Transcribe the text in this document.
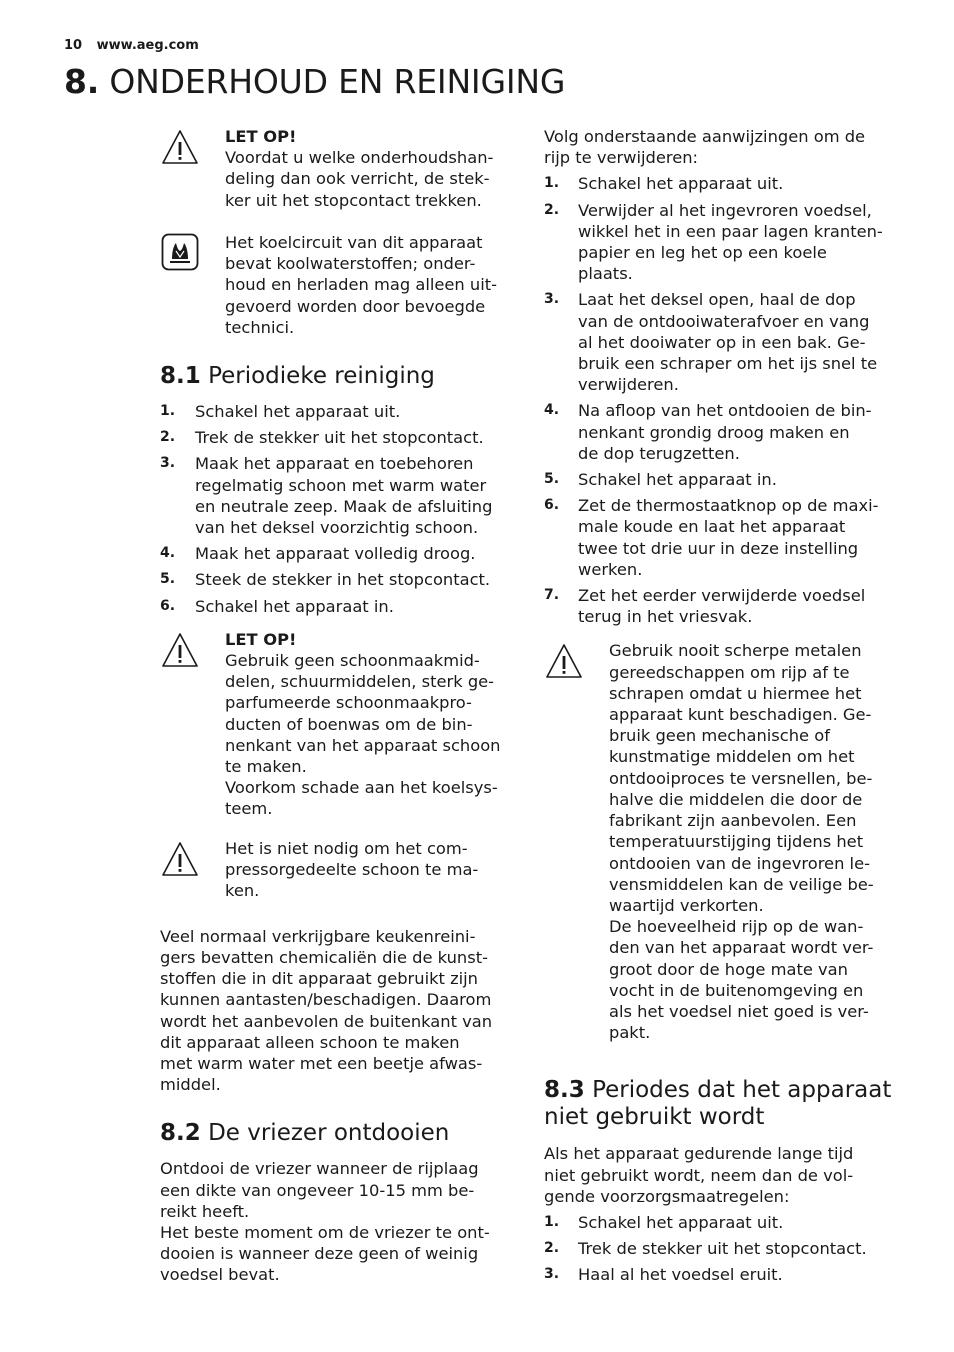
10 www.aeg.com
8. ONDERHOUD EN REINIGING
LET OP!
Voordat u welke onderhoudshan-
deling dan ook verricht, de stek-
ker uit het stopcontact trekken.
Het koelcircuit van dit apparaat
bevat koolwaterstoffen; onder-
houd en herladen mag alleen uit-
gevoerd worden door bevoegde
technici.
8.1 Periodieke reiniging
1. Schakel het apparaat uit.
2. Trek de stekker uit het stopcontact.
3. Maak het apparaat en toebehoren
regelmatig schoon met warm water
en neutrale zeep. Maak de afsluiting
van het deksel voorzichtig schoon.
4. Maak het apparaat volledig droog.
5. Steek de stekker in het stopcontact.
6. Schakel het apparaat in.
LET OP!
Gebruik geen schoonmaakmid-
delen, schuurmiddelen, sterk ge-
parfumeerde schoonmaakpro-
ducten of boenwas om de bin-
nenkant van het apparaat schoon
te maken.
Voorkom schade aan het koelsys-
teem.
Het is niet nodig om het com-
pressorgedeelte schoon te ma-
ken.
Veel normaal verkrijgbare keukenreini-
gers bevatten chemicaliën die de kunst-
stoffen die in dit apparaat gebruikt zijn
kunnen aantasten/beschadigen. Daarom
wordt het aanbevolen de buitenkant van
dit apparaat alleen schoon te maken
met warm water met een beetje afwas-
middel.
8.2 De vriezer ontdooien
Ontdooi de vriezer wanneer de rijplaag
een dikte van ongeveer 10-15 mm be-
reikt heeft.
Het beste moment om de vriezer te ont-
dooien is wanneer deze geen of weinig
voedsel bevat.
Volg onderstaande aanwijzingen om de
rijp te verwijderen:
1. Schakel het apparaat uit.
2. Verwijder al het ingevroren voedsel,
wikkel het in een paar lagen kranten-
papier en leg het op een koele
plaats.
3. Laat het deksel open, haal de dop
van de ontdooiwaterafvoer en vang
al het dooiwater op in een bak. Ge-
bruik een schraper om het ijs snel te
verwijderen.
4. Na afloop van het ontdooien de bin-
nenkant grondig droog maken en
de dop terugzetten.
5. Schakel het apparaat in.
6. Zet de thermostaatknop op de maxi-
male koude en laat het apparaat
twee tot drie uur in deze instelling
werken.
7. Zet het eerder verwijderde voedsel
terug in het vriesvak.
Gebruik nooit scherpe metalen
gereedschappen om rijp af te
schrapen omdat u hiermee het
apparaat kunt beschadigen. Ge-
bruik geen mechanische of
kunstmatige middelen om het
ontdooiproces te versnellen, be-
halve die middelen die door de
fabrikant zijn aanbevolen. Een
temperatuurstijging tijdens het
ontdooien van de ingevroren le-
vensmiddelen kan de veilige be-
waartijd verkorten.
De hoeveelheid rijp op de wan-
den van het apparaat wordt ver-
groot door de hoge mate van
vocht in de buitenomgeving en
als het voedsel niet goed is ver-
pakt.
8.3 Periodes dat het apparaat
niet gebruikt wordt
Als het apparaat gedurende lange tijd
niet gebruikt wordt, neem dan de vol-
gende voorzorgsmaatregelen:
1. Schakel het apparaat uit.
2. Trek de stekker uit het stopcontact.
3. Haal al het voedsel eruit.
